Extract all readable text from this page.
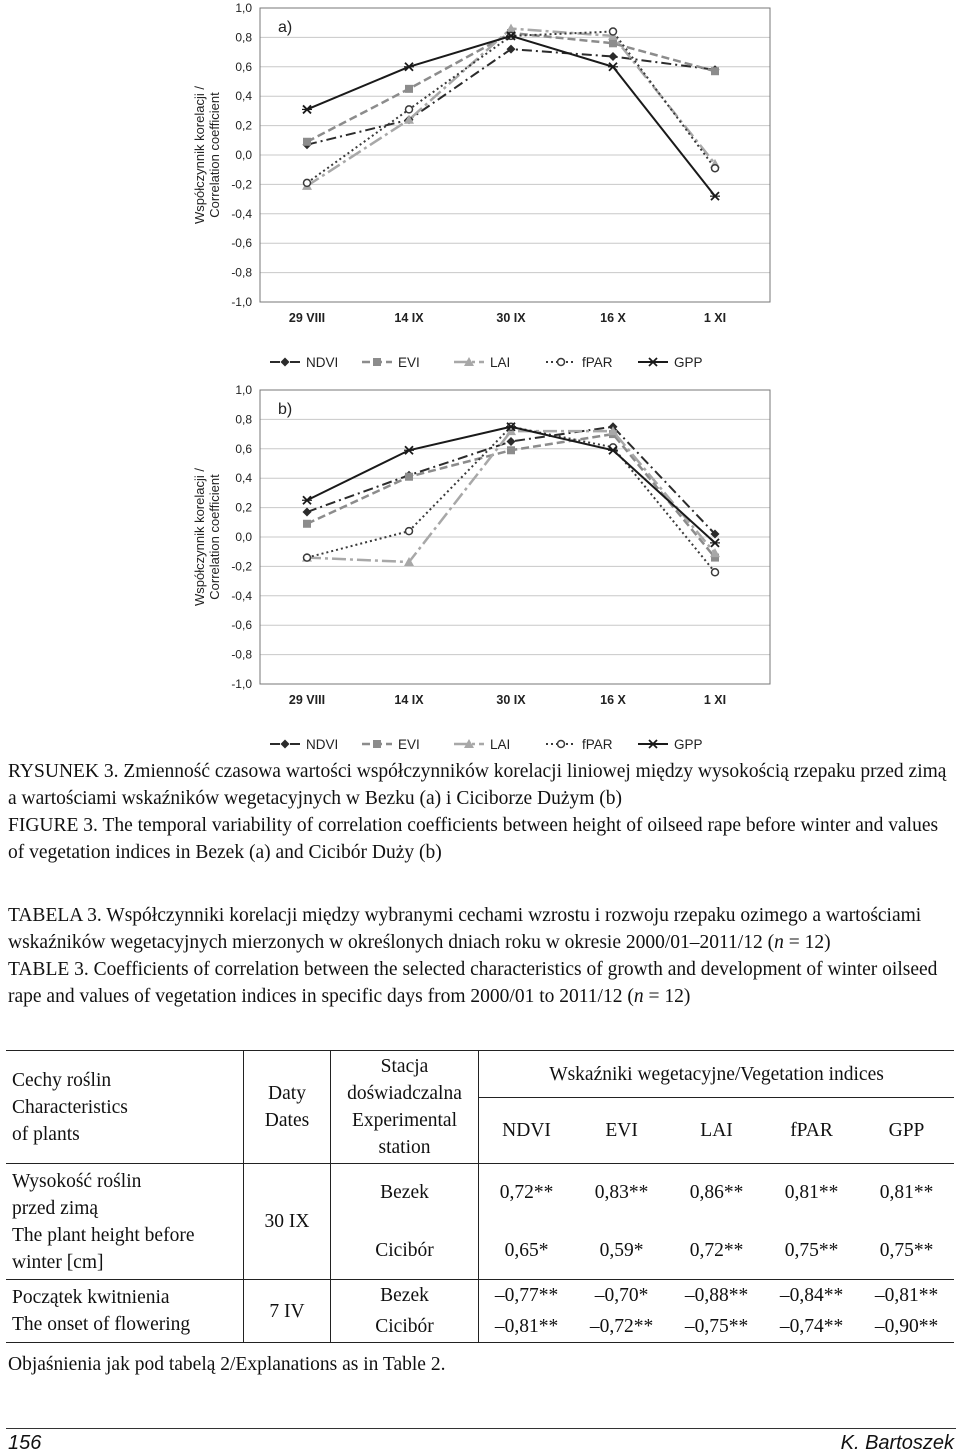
1,0
0,8
0,6
0,4
0,2
0,0
-0,2
-0,4
-0,6
-0,8
-1,0
29 VIII	14 IX	30 IX	16 X	1 XI
Współczynnik korelacji / Correlation coefficient
a)
NDVI	EVI	LAI	fPAR	GPP
1,0
0,8
0,6
0,4
0,2
0,0
-0,2
-0,4
-0,6
-0,8
-1,0
29 VIII	14 IX	30 IX	16 X	1 XI
Współczynnik korelacji / Correlation coefficient
b)
NDVI	EVI	LAI	fPAR	GPP

RYSUNEK 3. Zmienność czasowa wartości współczynników korelacji liniowej między wysokością rzepaku przed zimą a wartościami wskaźników wegetacyjnych w Bezku (a) i Ciciborze Dużym (b)

FIGURE 3. The temporal variability of correlation coefficients between height of oilseed rape before winter and values of vegetation indices in Bezek (a) and Cicibór Duży (b)

TABELA 3. Współczynniki korelacji między wybranymi cechami wzrostu i rozwoju rzepaku ozimego a wartościami wskaźników wegetacyjnych mierzonych w określonych dniach roku w okresie 2000/01–2011/12 (n = 12)

TABLE 3. Coefficients of correlation between the selected characteristics of growth and development of winter oilseed rape and values of vegetation indices in specific days from 2000/01 to 2011/12 (n = 12)

Cechy roślin
Characteristics
of plants	Daty
Dates	Stacja
doświadczalna
Experimental
station	Wskaźniki wegetacyjne/Vegetation indices				
			NDVI	EVI	LAI	fPAR	GPP
Wysokość roślin
przed zimą
The plant height before
winter [cm]	30 IX	Bezek	0,72**	0,83**	0,86**	0,81**	0,81**
		Cicibór	0,65*	0,59*	0,72**	0,75**	0,75**
Początek kwitnienia
The onset of flowering	7 IV	Bezek	–0,77**	–0,70*	–0,88**	–0,84**	–0,81**
		Cicibór	–0,81**	–0,72**	–0,75**	–0,74**	–0,90**
Objaśnienia jak pod tabelą 2/Explanations as in Table 2.
156	K. Bartoszek
